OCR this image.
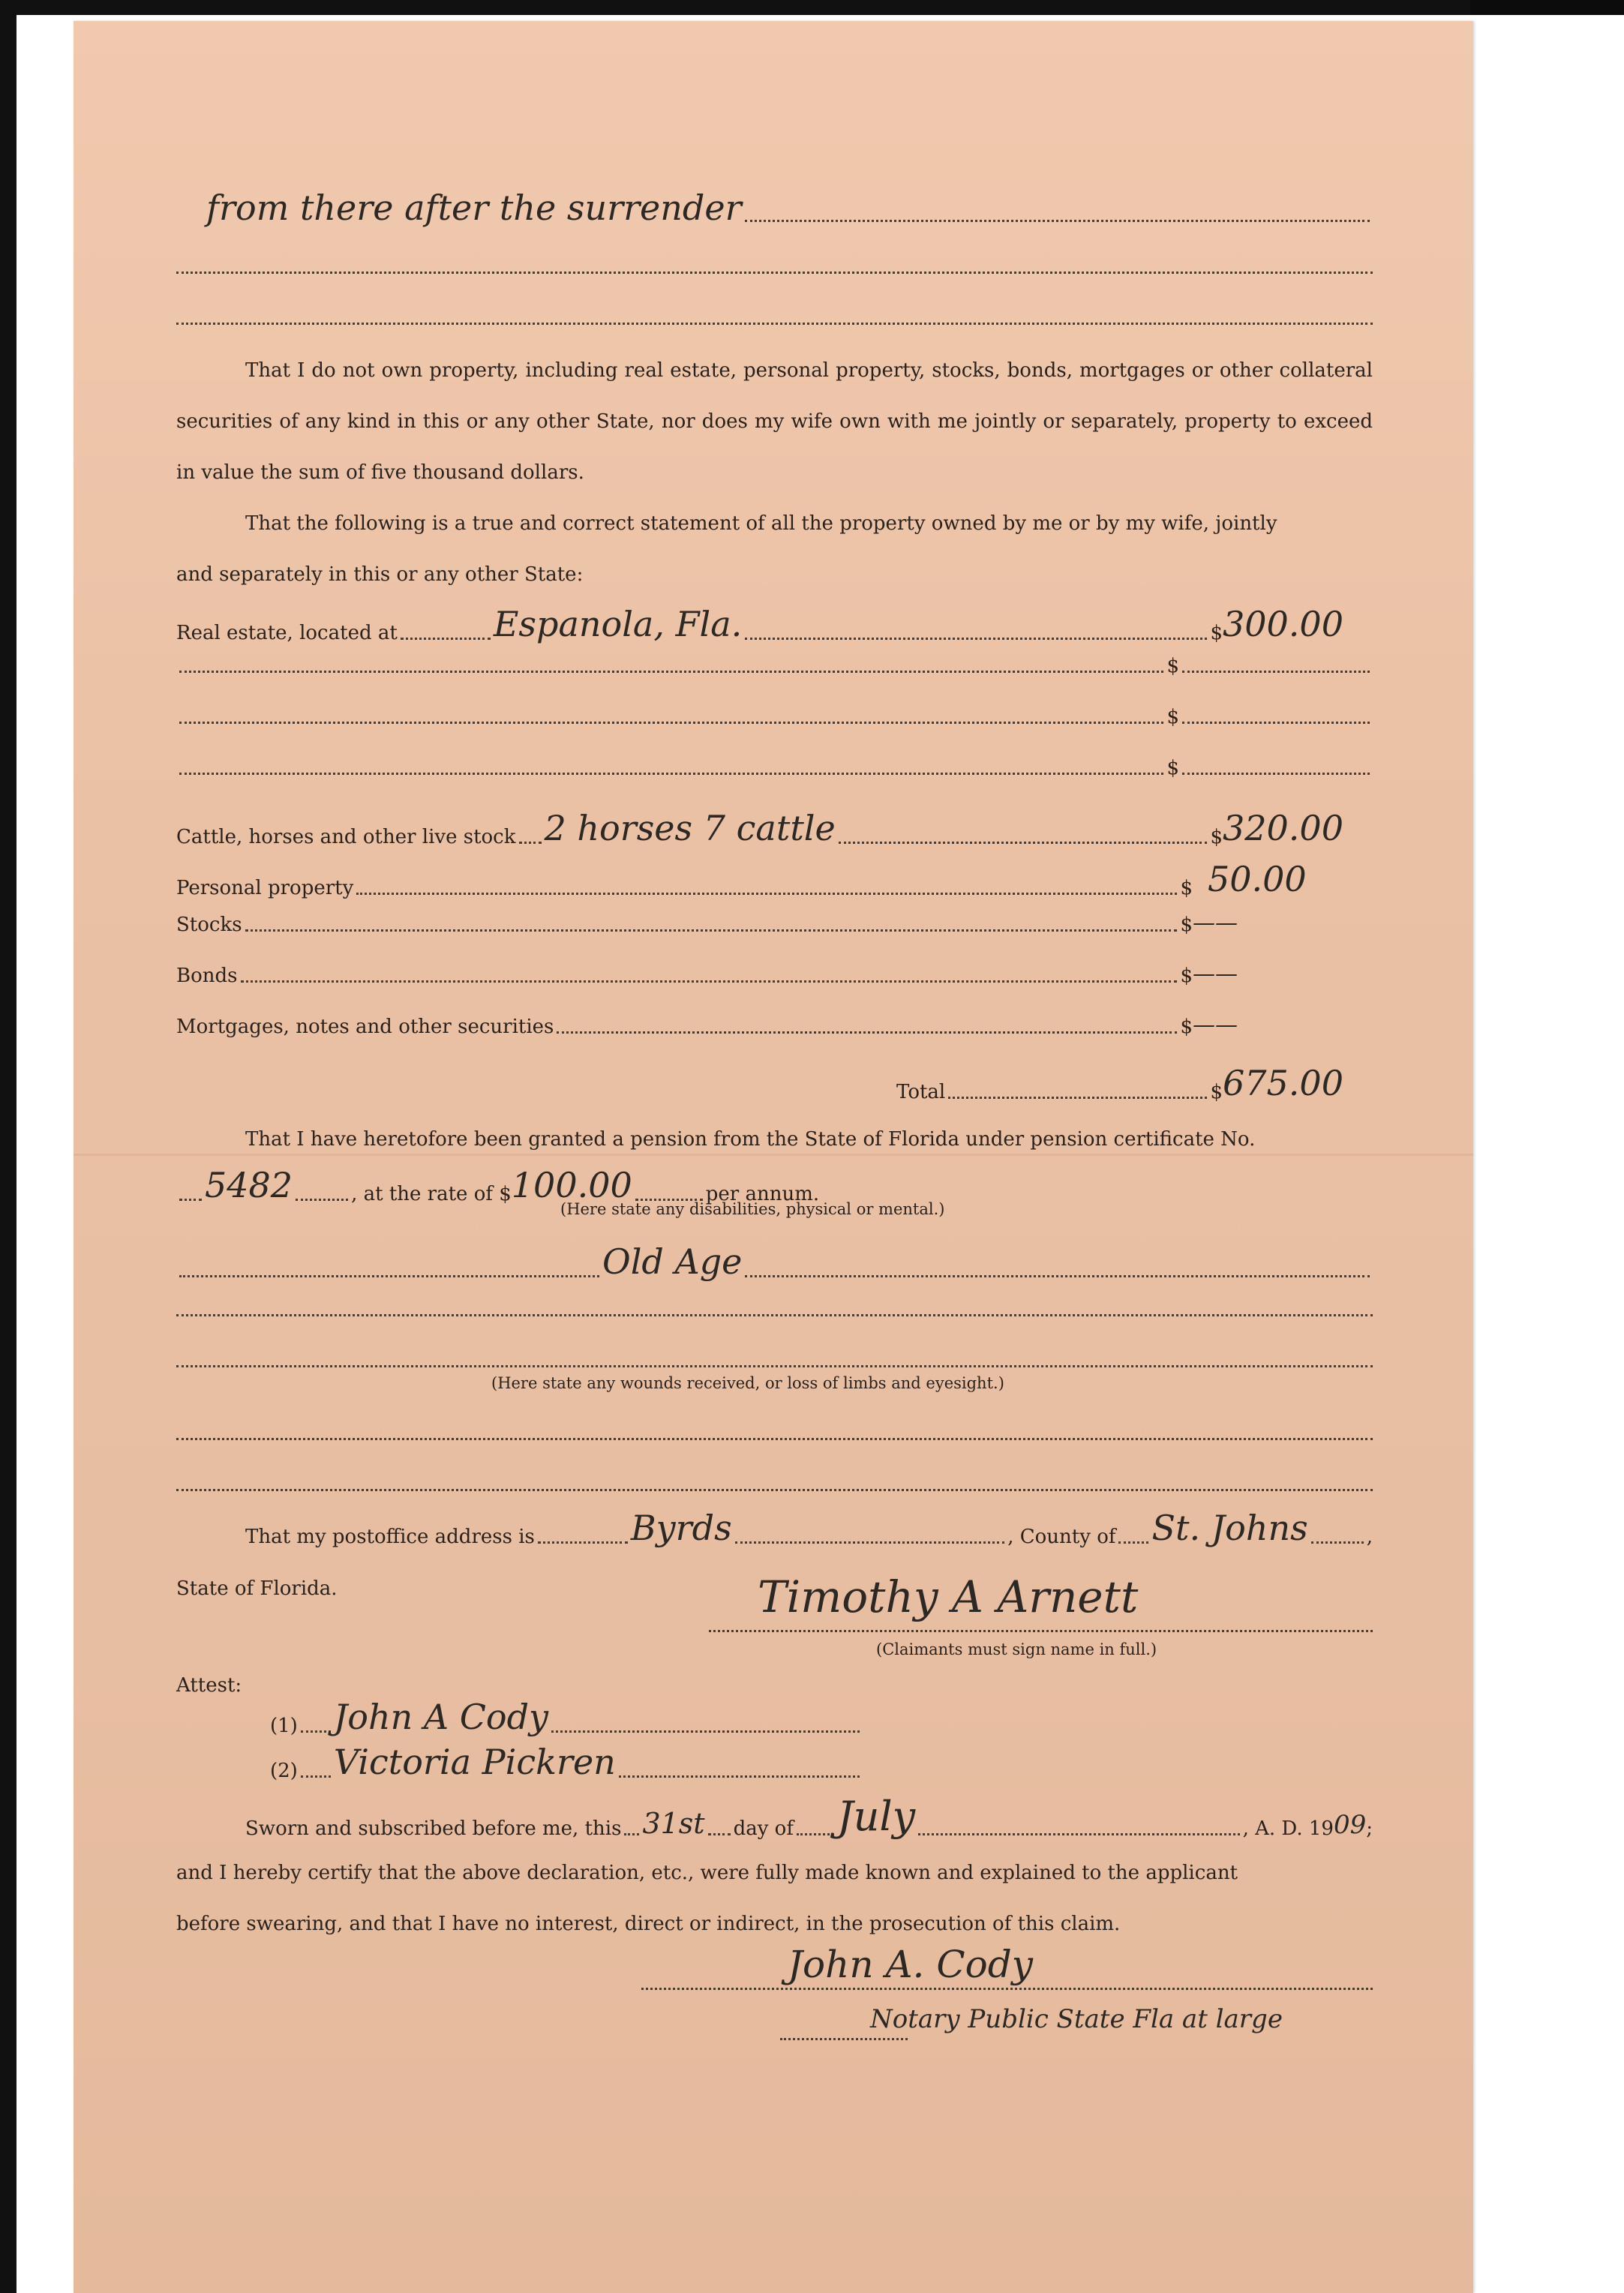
from there after the surrender
That I do not own property, including real estate, personal property, stocks, bonds, mortgages or other collateral securities of any kind in this or any other State, nor does my wife own with me jointly or separately, property to exceed in value the sum of five thousand dollars.
That the following is a true and correct statement of all the property owned by me or by my wife, jointly
and separately in this or any other State:
Real estate, located at	Espanola, Fla.	$ 300.00
$
$
$
Cattle, horses and other live stock 2 horses 7 cattle	$ 320.00
Personal property	$ 50.00
Stocks	$ ——
Bonds	$ ——
Mortgages, notes and other securities	$ ——
Total	$ 675.00
That I have heretofore been granted a pension from the State of Florida under pension certificate No.
5482	, at the rate of $ 100.00	per annum.
(Here state any disabilities, physical or mental.)
Old Age
(Here state any wounds received, or loss of limbs and eyesight.)
That my postoffice address is	Byrds	, County of St. Johns	,
State of Florida.	Timothy A Arnett
(Claimants must sign name in full.)
Attest:
(1) John A Cody
(2) Victoria Pickren
Sworn and subscribed before me, this 31st day of July	, A. D. 19 09 ;
and I hereby certify that the above declaration, etc., were fully made known and explained to the applicant
before swearing, and that I have no interest, direct or indirect, in the prosecution of this claim.
John A. Cody
Notary Public State Fla at large
